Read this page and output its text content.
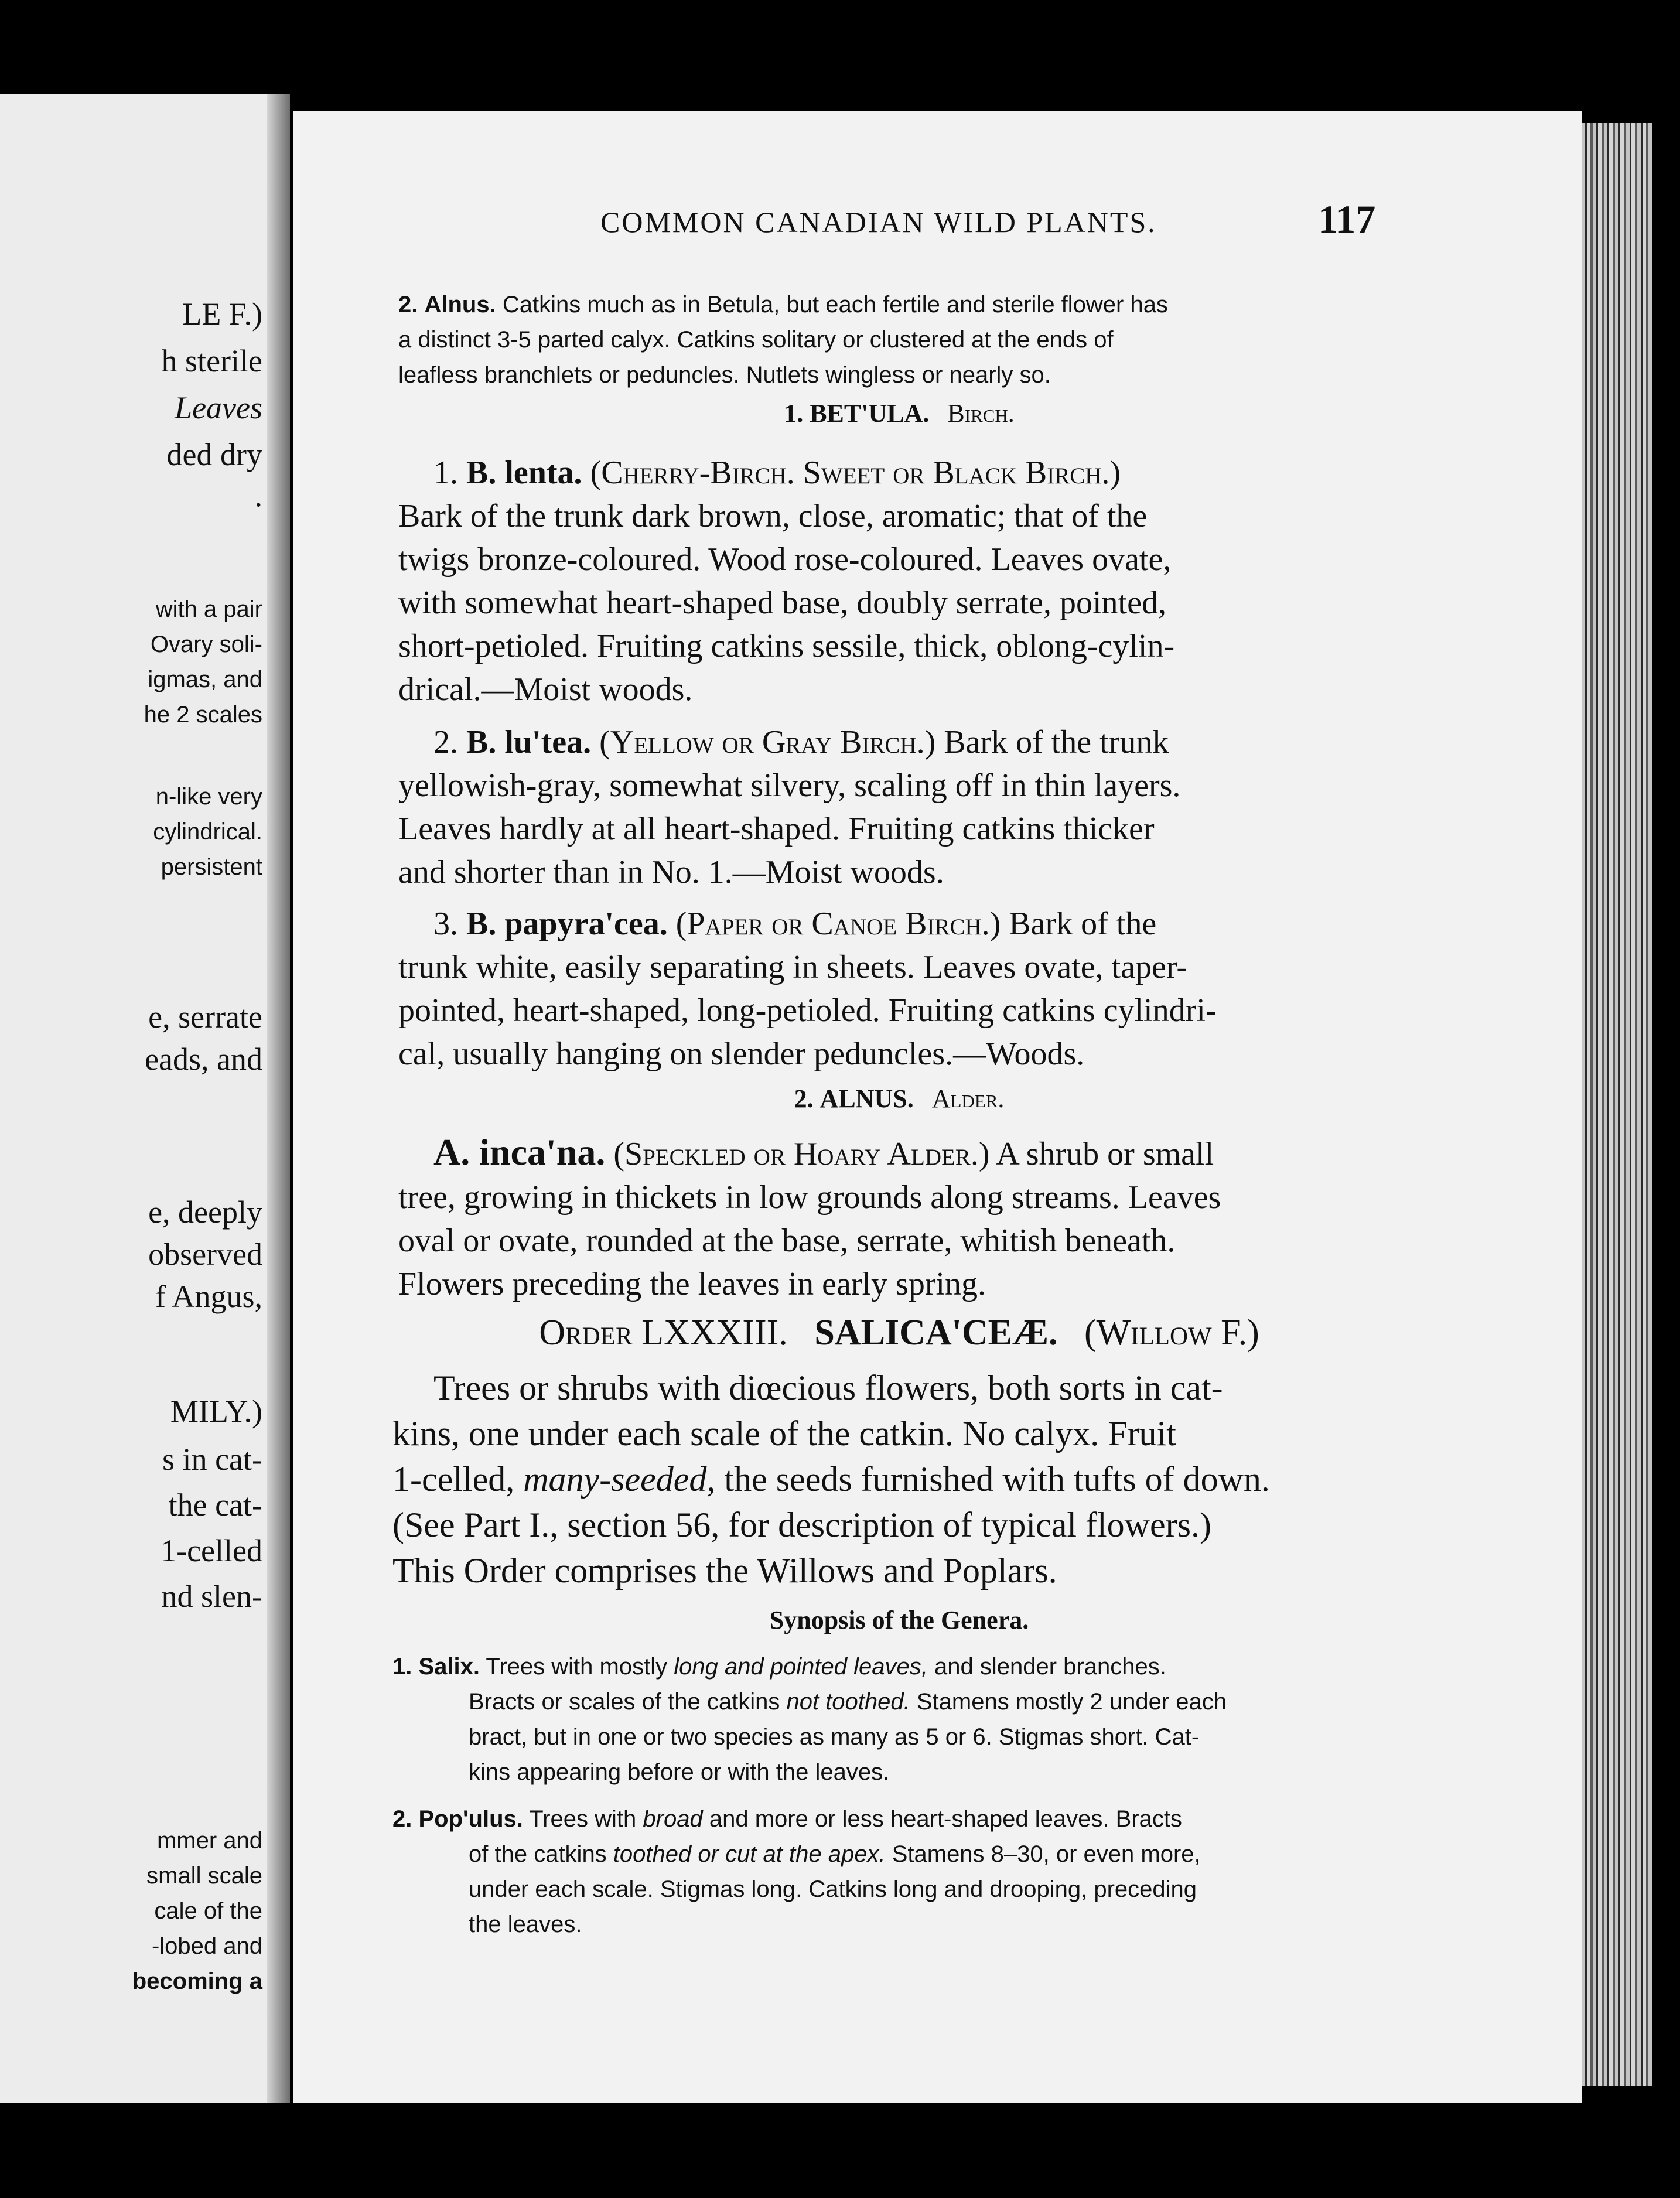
LE F.)
h sterile
Leaves
ded dry
.
with a pair
Ovary soli-
igmas, and
he 2 scales
n-like very
cylindrical.
persistent
e, serrate
eads, and
e, deeply
observed
f Angus,
MILY.)
s in cat-
the cat-
1-celled
nd slen-
mmer and
small scale
cale of the
-lobed and
becoming a
COMMON CANADIAN WILD PLANTS.	117
2. Alnus. Catkins much as in Betula, but each fertile and sterile flower has
a distinct 3-5 parted calyx. Catkins solitary or clustered at the ends of
leafless branchlets or peduncles. Nutlets wingless or nearly so.
1. BET'ULA. Birch.
1. B. lenta. (Cherry-Birch. Sweet or Black Birch.)
Bark of the trunk dark brown, close, aromatic; that of the
twigs bronze-coloured. Wood rose-coloured. Leaves ovate,
with somewhat heart-shaped base, doubly serrate, pointed,
short-petioled. Fruiting catkins sessile, thick, oblong-cylin-
drical.—Moist woods.
2. B. lu'tea. (Yellow or Gray Birch.) Bark of the trunk
yellowish-gray, somewhat silvery, scaling off in thin layers.
Leaves hardly at all heart-shaped. Fruiting catkins thicker
and shorter than in No. 1.—Moist woods.
3. B. papyra'cea. (Paper or Canoe Birch.) Bark of the
trunk white, easily separating in sheets. Leaves ovate, taper-
pointed, heart-shaped, long-petioled. Fruiting catkins cylindri-
cal, usually hanging on slender peduncles.—Woods.
2. ALNUS. Alder.
A. inca'na. (Speckled or Hoary Alder.) A shrub or small
tree, growing in thickets in low grounds along streams. Leaves
oval or ovate, rounded at the base, serrate, whitish beneath.
Flowers preceding the leaves in early spring.
Order LXXXIII. SALICA'CEÆ. (Willow F.)
Trees or shrubs with diœcious flowers, both sorts in cat-
kins, one under each scale of the catkin. No calyx. Fruit
1-celled, many-seeded, the seeds furnished with tufts of down.
(See Part I., section 56, for description of typical flowers.)
This Order comprises the Willows and Poplars.
Synopsis of the Genera.
1. Salix. Trees with mostly long and pointed leaves, and slender branches.
Bracts or scales of the catkins not toothed. Stamens mostly 2 under each
bract, but in one or two species as many as 5 or 6. Stigmas short. Cat-
kins appearing before or with the leaves.
2. Pop'ulus. Trees with broad and more or less heart-shaped leaves. Bracts
of the catkins toothed or cut at the apex. Stamens 8–30, or even more,
under each scale. Stigmas long. Catkins long and drooping, preceding
the leaves.
